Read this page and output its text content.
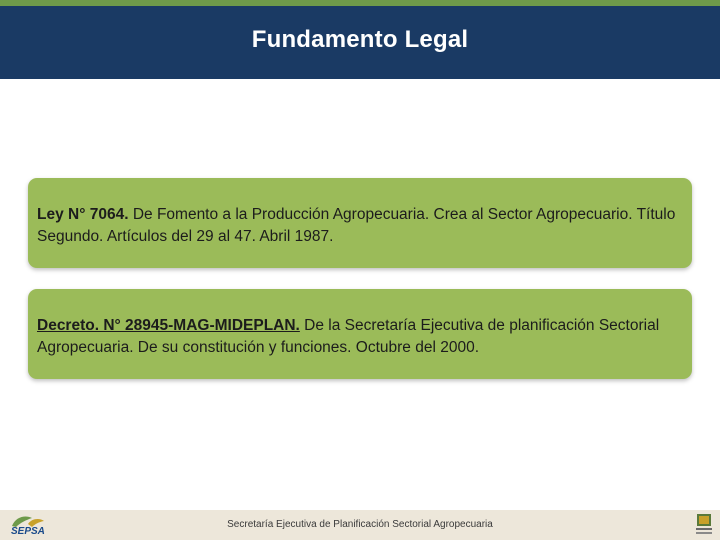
Fundamento Legal
Ley N° 7064. De Fomento a la Producción Agropecuaria. Crea al Sector Agropecuario. Título Segundo. Artículos del 29 al 47. Abril 1987.
Decreto. N° 28945-MAG-MIDEPLAN. De la Secretaría Ejecutiva de planificación Sectorial Agropecuaria. De su constitución y funciones. Octubre del 2000.
Secretaría Ejecutiva de Planificación Sectorial Agropecuaria
SEPSA
